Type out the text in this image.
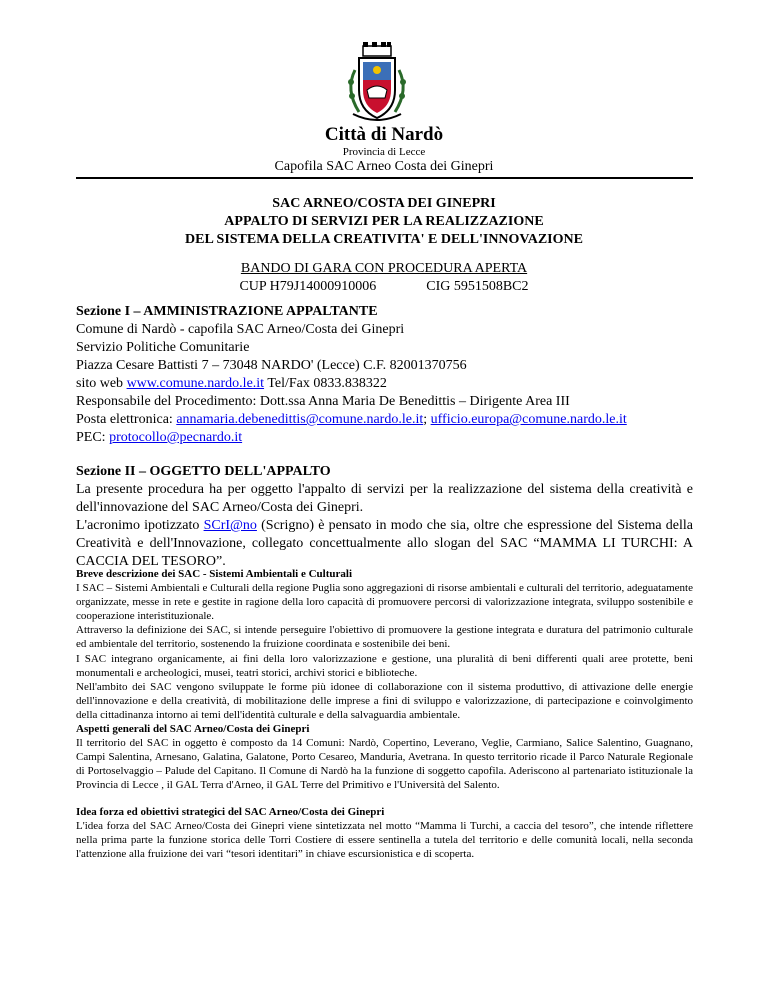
Città di Nardò
Provincia di Lecce
Capofila SAC Arneo Costa dei Ginepri
SAC ARNEO/COSTA DEI GINEPRI
APPALTO DI SERVIZI PER LA REALIZZAZIONE
DEL SISTEMA DELLA CREATIVITA' E DELL'INNOVAZIONE
BANDO DI GARA CON PROCEDURA APERTA
CUP H79J14000910006	CIG 5951508BC2

Sezione I – AMMINISTRAZIONE APPALTANTE

Comune di Nardò - capofila SAC Arneo/Costa dei Ginepri

Servizio Politiche Comunitarie

Piazza Cesare Battisti 7 – 73048 NARDO' (Lecce) C.F. 82001370756

sito web www.comune.nardo.le.it Tel/Fax 0833.838322

Responsabile del Procedimento: Dott.ssa Anna Maria De Benedittis – Dirigente Area III

Posta elettronica: annamaria.debenedittis@comune.nardo.le.it; ufficio.europa@comune.nardo.le.it

PEC: protocollo@pecnardo.it

Sezione II – OGGETTO DELL'APPALTO

La presente procedura ha per oggetto l'appalto di servizi per la realizzazione del sistema della creatività e dell'innovazione del SAC Arneo/Costa dei Ginepri.

L'acronimo ipotizzato SCrI@no (Scrigno) è pensato in modo che sia, oltre che espressione del Sistema della Creatività e dell'Innovazione, collegato concettualmente allo slogan del SAC “MAMMA LI TURCHI: A CACCIA DEL TESORO”.

Breve descrizione dei SAC - Sistemi Ambientali e Culturali

I SAC – Sistemi Ambientali e Culturali della regione Puglia sono aggregazioni di risorse ambientali e culturali del territorio, adeguatamente organizzate, messe in rete e gestite in ragione della loro capacità di promuovere percorsi di valorizzazione integrata, sviluppo sostenibile e cooperazione interistituzionale.

Attraverso la definizione dei SAC, si intende perseguire l'obiettivo di promuovere la gestione integrata e duratura del patrimonio culturale ed ambientale del territorio, sostenendo la fruizione coordinata e sostenibile dei beni.

I SAC integrano organicamente, ai fini della loro valorizzazione e gestione, una pluralità di beni differenti quali aree protette, beni monumentali e archeologici, musei, teatri storici, archivi storici e biblioteche.

Nell'ambito dei SAC vengono sviluppate le forme più idonee di collaborazione con il sistema produttivo, di attivazione delle energie dell'innovazione e della creatività, di mobilitazione delle imprese a fini di sviluppo e valorizzazione, di partecipazione e coinvolgimento della cittadinanza intorno ai temi dell'identità culturale e della salvaguardia ambientale.

Aspetti generali del SAC Arneo/Costa dei Ginepri

Il territorio del SAC in oggetto è composto da 14 Comuni: Nardò, Copertino, Leverano, Veglie, Carmiano, Salice Salentino, Guagnano, Campi Salentina, Arnesano, Galatina, Galatone, Porto Cesareo, Manduria, Avetrana. In questo territorio ricade il Parco Naturale Regionale di Portoselvaggio – Palude del Capitano. Il Comune di Nardò ha la funzione di soggetto capofila. Aderiscono al partenariato istituzionale la Provincia di Lecce , il GAL Terra d'Arneo, il GAL Terre del Primitivo e l'Università del Salento.

Idea forza ed obiettivi strategici del SAC Arneo/Costa dei Ginepri

L'idea forza del SAC Arneo/Costa dei Ginepri viene sintetizzata nel motto “Mamma li Turchi, a caccia del tesoro”, che intende riflettere nella prima parte la funzione storica delle Torri Costiere di essere sentinella a tutela del territorio e delle comunità locali, nella seconda l'attenzione alla fruizione dei vari “tesori identitari” in chiave escursionistica e di scoperta.
